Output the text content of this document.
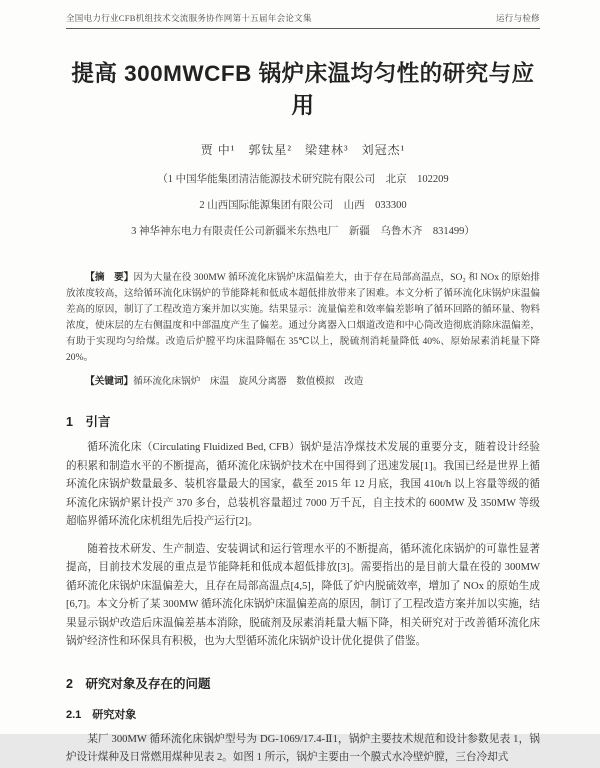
全国电力行业CFB机组技术交流服务协作网第十五届年会论文集	运行与检修
提高 300MWCFB 锅炉床温均匀性的研究与应用
贾 中¹　郭钛星²　梁建林³　刘冠杰¹
（1 中国华能集团清洁能源技术研究院有限公司　北京　102209
2 山西国际能源集团有限公司　山西　033300
3 神华神东电力有限责任公司新疆米东热电厂　新疆　乌鲁木齐　831499）

【摘　要】因为大量在役 300MW 循环流化床锅炉床温偏差大，由于存在局部高温点，SO₂ 和 NOx 的原始排放浓度较高，这给循环流化床锅炉的节能降耗和低成本超低排放带来了困难。本文分析了循环流化床锅炉床温偏差高的原因，制订了工程改造方案并加以实施。结果显示：流量偏差和效率偏差影响了循环回路的循环量、物料浓度，使床层的左右侧温度和中部温度产生了偏差。通过分离器入口烟道改造和中心筒改造彻底消除床温偏差，有助于实现均匀给煤。改造后炉膛平均床温降幅在 35℃以上，脱硫剂消耗量降低 40%、原始尿素消耗量下降 20%。

【关键词】循环流化床锅炉　床温　旋风分离器　数值模拟　改造

1　引言

循环流化床（Circulating Fluidized Bed, CFB）锅炉是洁净煤技术发展的重要分支，随着设计经验的积累和制造水平的不断提高，循环流化床锅炉技术在中国得到了迅速发展[1]。我国已经是世界上循环流化床锅炉数量最多、装机容量最大的国家，截至 2015 年 12 月底，我国 410t/h 以上容量等级的循环流化床锅炉累计投产 370 多台，总装机容量超过 7000 万千瓦，自主技术的 600MW 及 350MW 等级超临界循环流化床机组先后投产运行[2]。

随着技术研发、生产制造、安装调试和运行管理水平的不断提高，循环流化床锅炉的可靠性显著提高，目前技术发展的重点是节能降耗和低成本超低排放[3]。需要指出的是目前大量在役的 300MW 循环流化床锅炉床温偏差大，且存在局部高温点[4,5]，降低了炉内脱硫效率，增加了 NOx 的原始生成[6,7]。本文分析了某 300MW 循环流化床锅炉床温偏差高的原因，制订了工程改造方案并加以实施，结果显示锅炉改造后床温偏差基本消除，脱硫剂及尿素消耗量大幅下降，相关研究对于改善循环流化床锅炉经济性和环保具有积极，也为大型循环流化床锅炉设计优化提供了借鉴。

2　研究对象及存在的问题
2.1　研究对象

某厂 300MW 循环流化床锅炉型号为 DG-1069/17.4-Ⅱ1，锅炉主要技术规范和设计参数见表 1，锅炉设计煤种及日常燃用煤种见表 2。如图 1 所示，锅炉主要由一个膜式水冷壁炉膛，三台冷却式
